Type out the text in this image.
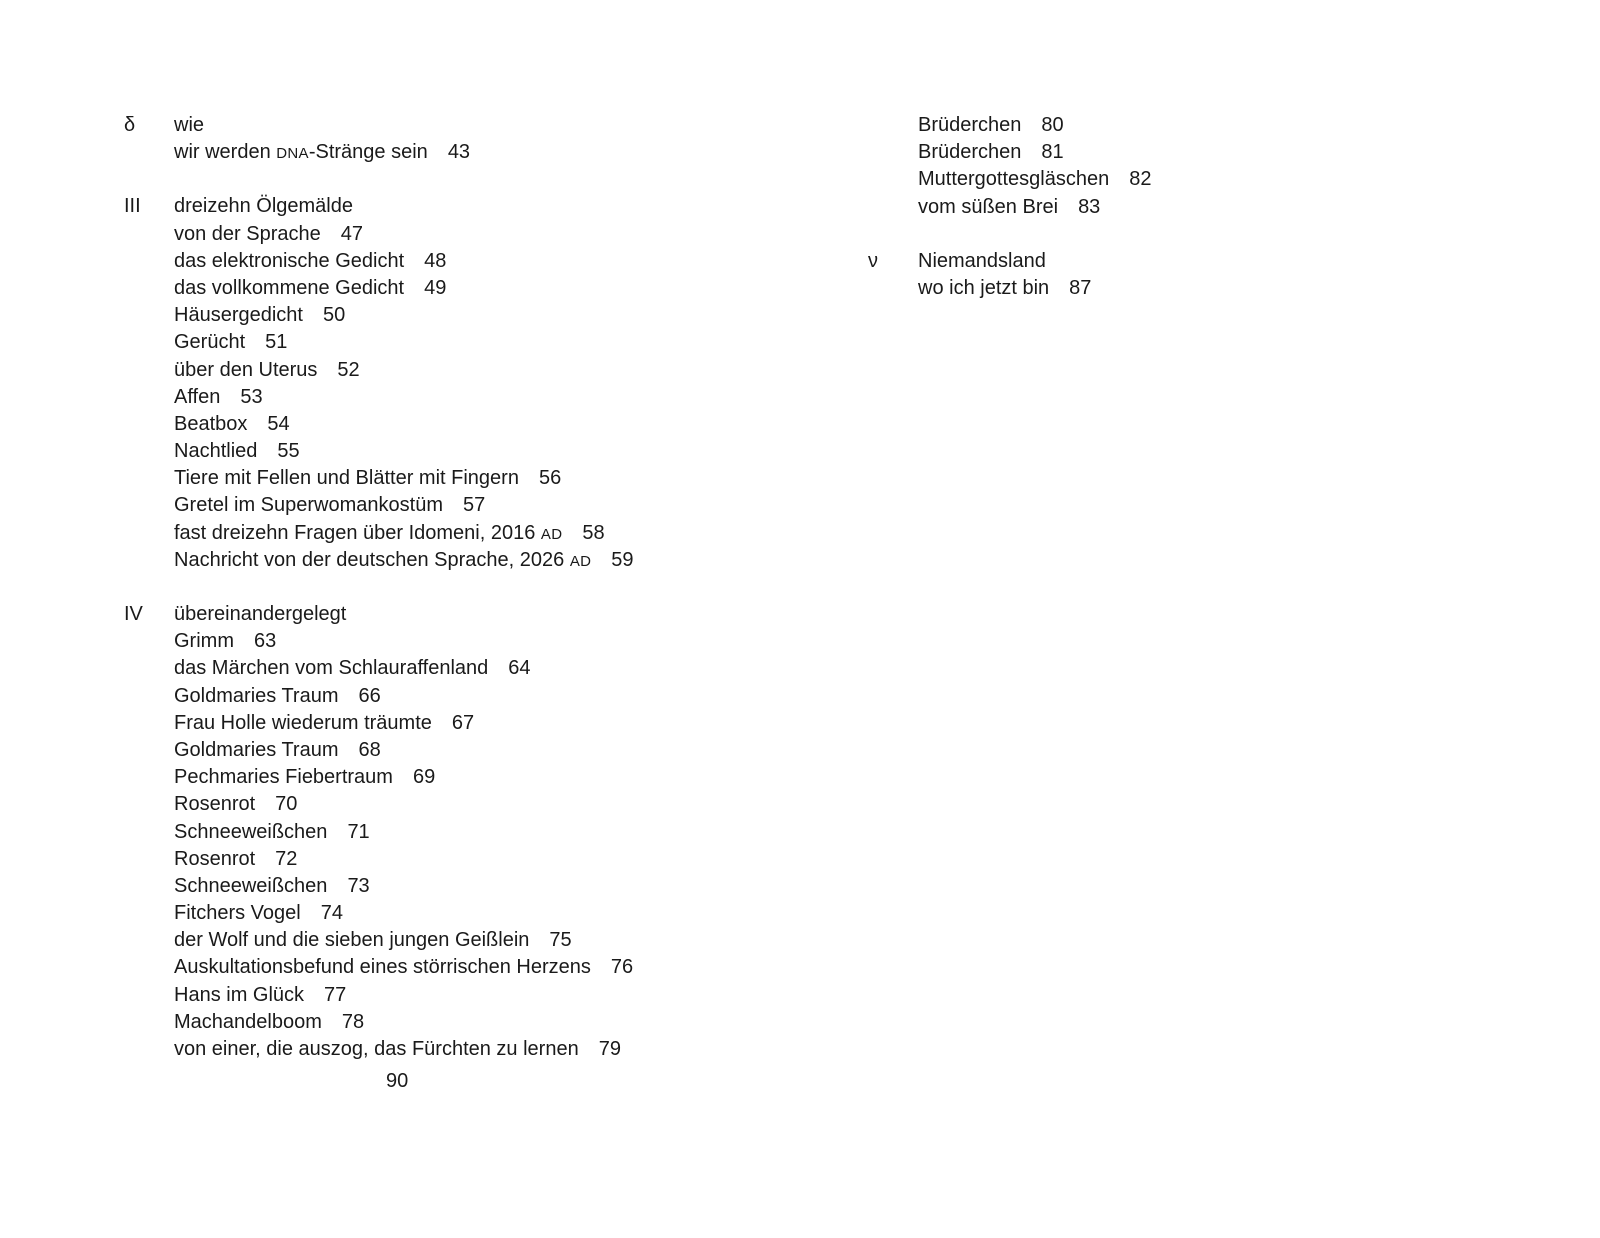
δ	wie
wir werden DNA-Stränge sein 43
III	dreizehn Ölgemälde
von der Sprache 47
das elektronische Gedicht 48
das vollkommene Gedicht 49
Häusergedicht 50
Gerücht 51
über den Uterus 52
Affen 53
Beatbox 54
Nachtlied 55
Tiere mit Fellen und Blätter mit Fingern 56
Gretel im Superwomankostüm 57
fast dreizehn Fragen über Idomeni, 2016 AD 58
Nachricht von der deutschen Sprache, 2026 AD 59
IV	übereinandergelegt
Grimm 63
das Märchen vom Schlauraffenland 64
Goldmaries Traum 66
Frau Holle wiederum träumte 67
Goldmaries Traum 68
Pechmaries Fiebertraum 69
Rosenrot 70
Schneeweißchen 71
Rosenrot 72
Schneeweißchen 73
Fitchers Vogel 74
der Wolf und die sieben jungen Geißlein 75
Auskultationsbefund eines störrischen Herzens 76
Hans im Glück 77
Machandelboom 78
von einer, die auszog, das Fürchten zu lernen 79
Brüderchen 80
Brüderchen 81
Muttergottesgläschen 82
vom süßen Brei 83
ν	Niemandsland
wo ich jetzt bin 87
90
